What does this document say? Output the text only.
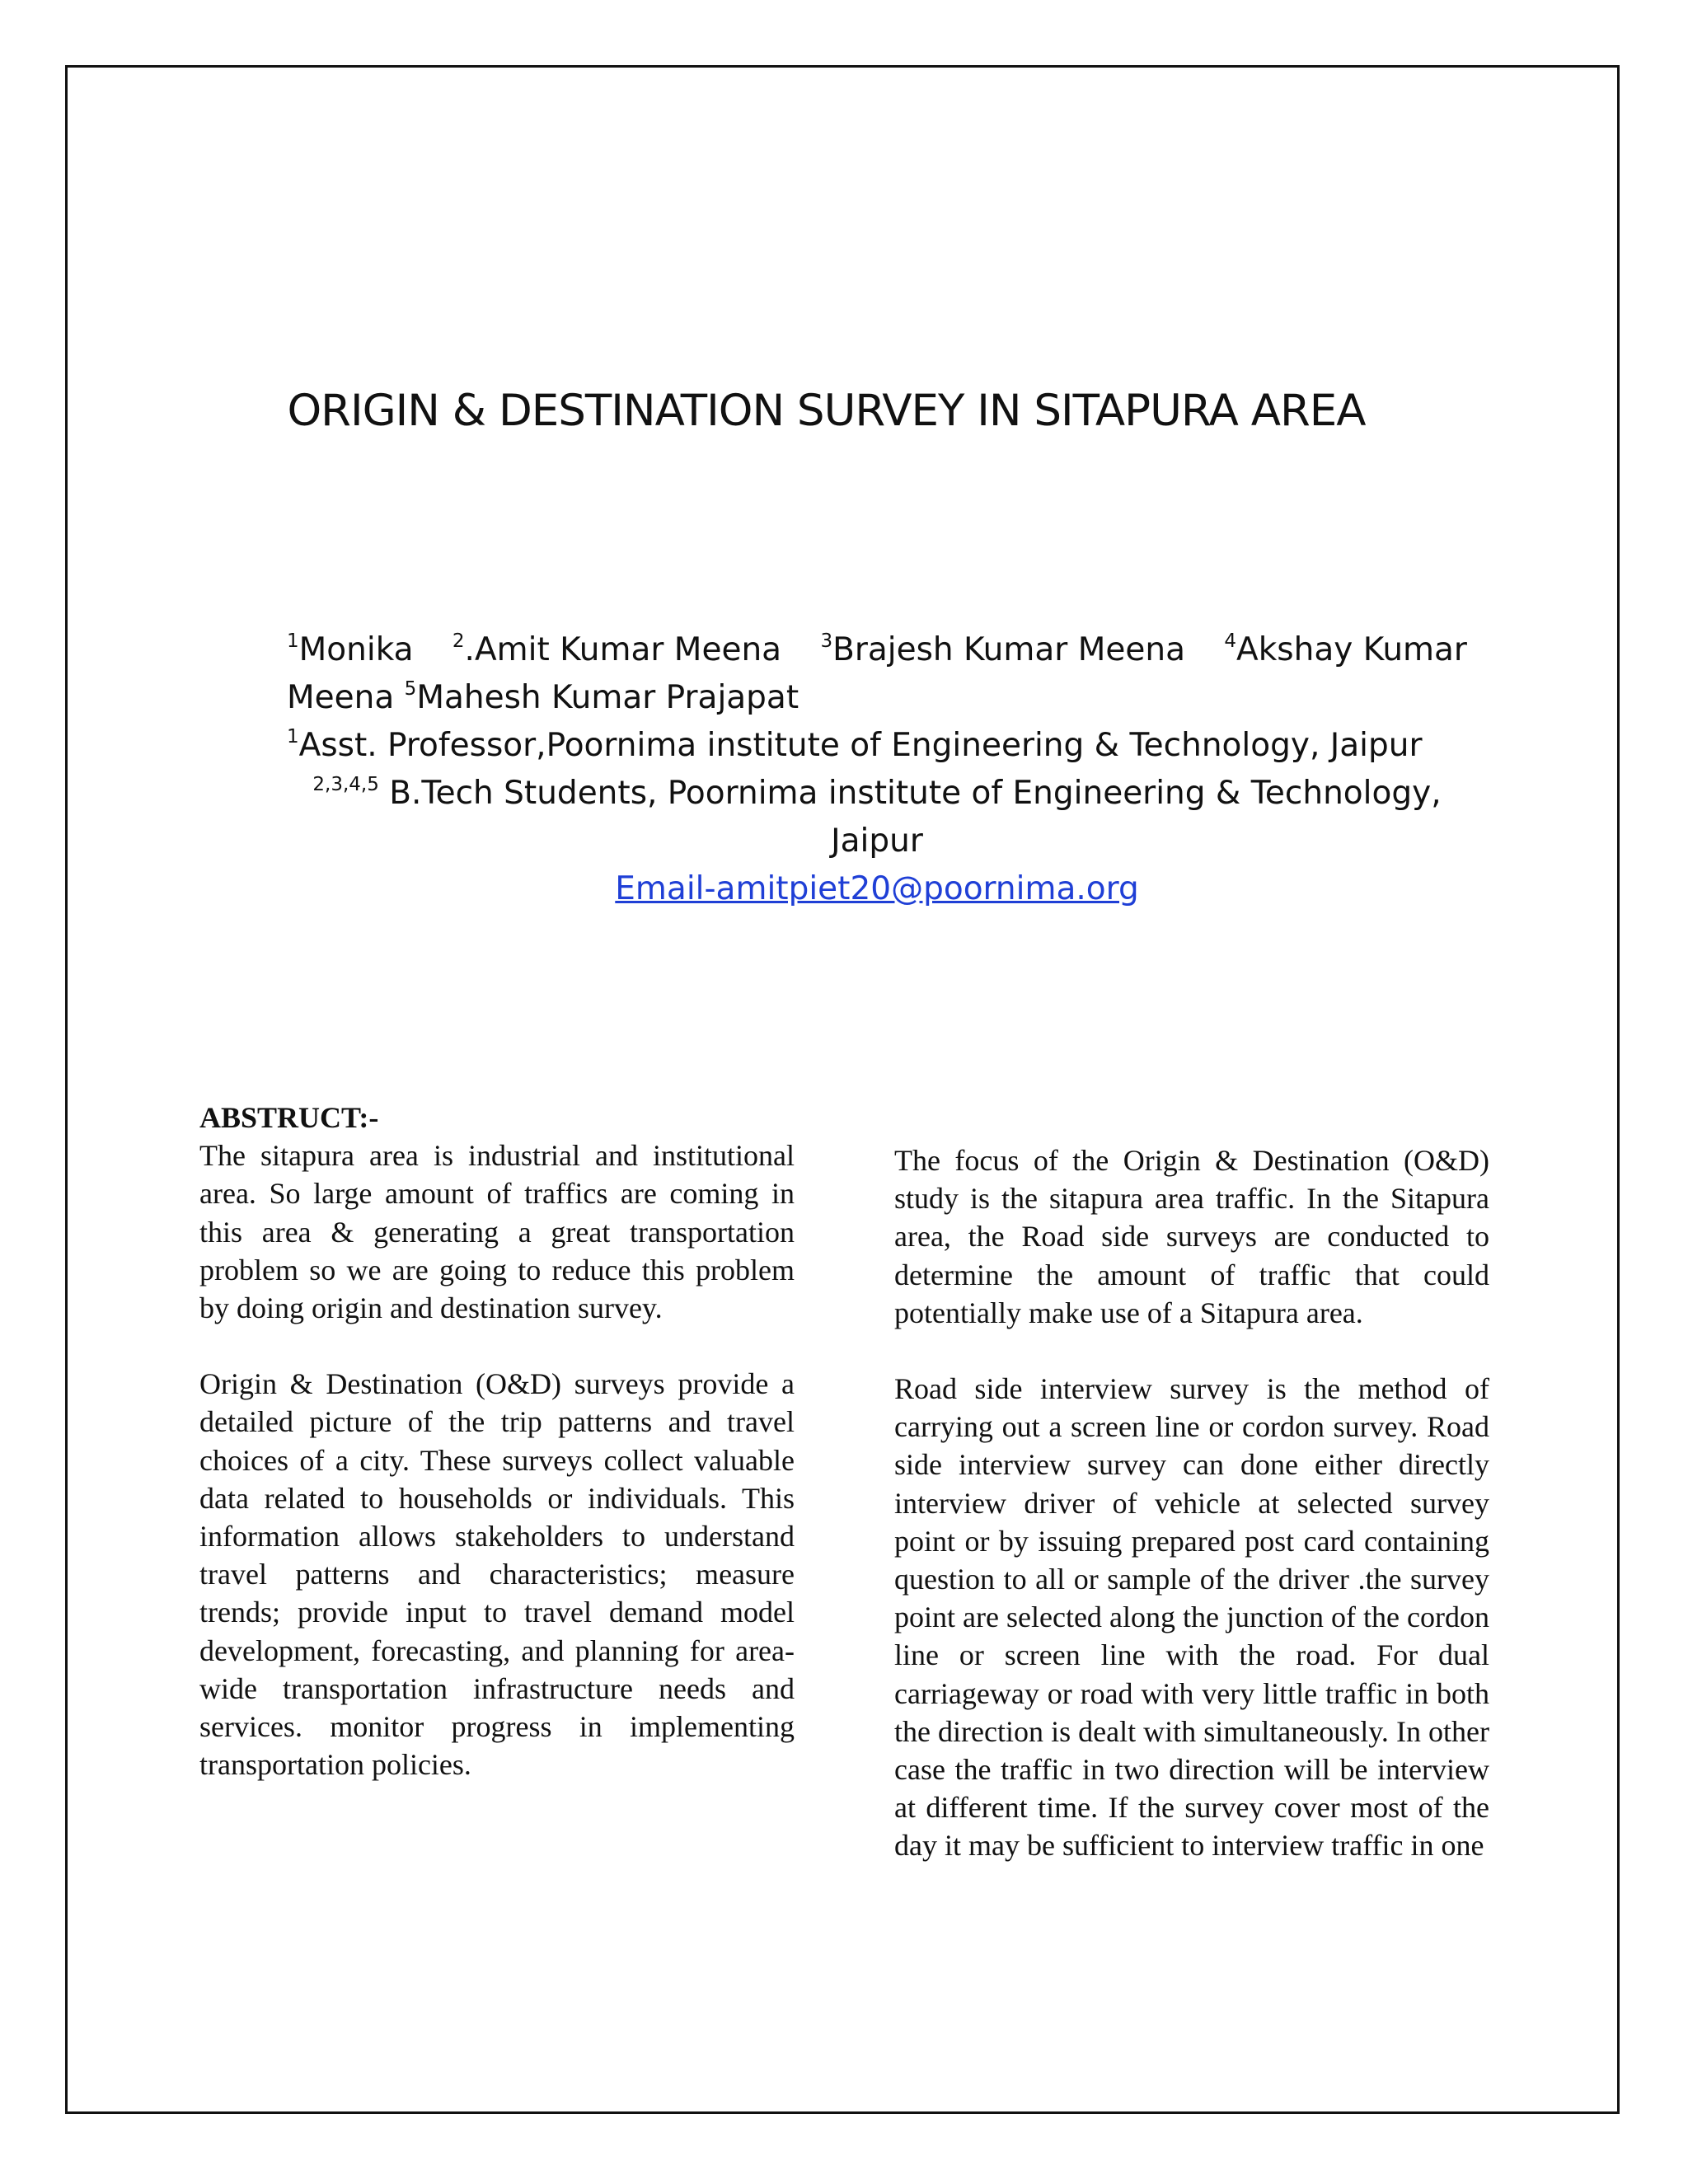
ORIGIN & DESTINATION SURVEY IN SITAPURA AREA
$^1$Monika $^2$.Amit Kumar Meena $^3$Brajesh Kumar Meena $^4$Akshay Kumar
Meena $^5$Mahesh Kumar Prajapat
$^1$Asst. Professor,Poornima institute of Engineering & Technology, Jaipur
$^{2,3,4,5}$ B.Tech Students, Poornima institute of Engineering & Technology,
Jaipur
Email-amitpiet20@poornima.org

ABSTRUCT:-

The sitapura area is industrial and institutional area. So large amount of traffics are coming in this area & generating a great transportation problem so we are going to reduce this problem by doing origin and destination survey.

Origin & Destination (O&D) surveys provide a detailed picture of the trip patterns and travel choices of a city. These surveys collect valuable data related to households or individuals. This information allows stakeholders to understand travel patterns and characteristics; measure trends; provide input to travel demand model development, forecasting, and planning for area-wide transportation infrastructure needs and services. monitor progress in implementing transportation policies.

The focus of the Origin & Destination (O&D) study is the sitapura area traffic. In the Sitapura area, the Road side surveys are conducted to determine the amount of traffic that could potentially make use of a Sitapura area.

Road side interview survey is the method of carrying out a screen line or cordon survey. Road side interview survey can done either directly interview driver of vehicle at selected survey point or by issuing prepared post card containing question to all or sample of the driver .the survey point are selected along the junction of the cordon line or screen line with the road. For dual carriageway or road with very little traffic in both the direction is dealt with simultaneously. In other case the traffic in two direction will be interview at different time. If the survey cover most of the day it may be sufficient to interview traffic in one
